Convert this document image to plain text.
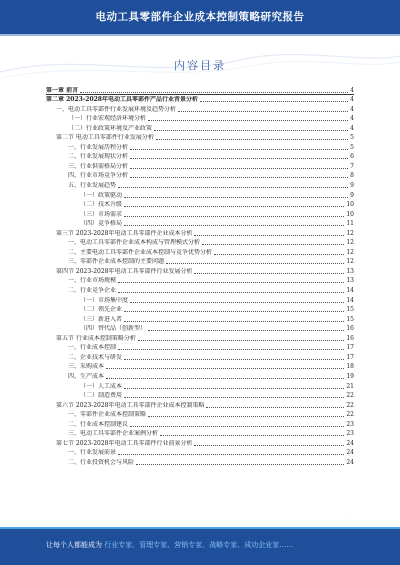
电动工具零部件企业成本控制策略研究报告
内容目录
第一章 前言	4
第二章 2023-2028年电动工具零部件产品行业背景分析	4
一、电动工具零部件行业发展环境及趋势分析	4
（一）行业宏观经济环境分析	4
（二）行业政策环境及产业政策	4
第二节 电动工具零部件行业发展分析	5
一、行业发展历程分析	5
二、行业发展现状分析	6
三、行业供需格局分析	7
四、行业市场竞争分析	8
五、行业发展趋势	9
（一）政策驱动	9
（二）技术升级	10
（三）市场需求	10
（四）竞争格局	11
第三节 2023-2028年电动工具零部件企业成本分析	12
一、电动工具零部件企业成本构成与管理模式分析	12
二、主要电动工具零部件企业成本控制与竞争优势分析	12
三、零部件企业成本控制的主要问题	12
第四节 2023-2028年电动工具零部件行业发展分析	13
一、行业市场规模	13
二、行业竞争企业	14
（一）市场集中度	14
（二）领先企业	15
（三）新进入者	15
（四）替代品（创新型）	16
第五节 行业成本控制策略分析	16
一、行业成本控制	17
二、企业技术与研发	17
三、采购成本	18
四、生产成本	19
（一）人工成本	21
（二）制造费用	22
第六节 2023-2028年电动工具零部件企业成本控制策略	22
一、零部件企业成本控制策略	22
二、行业成本控制建议	23
三、电动工具零部件企业案例分析	23
第七节 2023-2028年电动工具零部件行业前景分析	24
一、行业发展前景	24
二、行业投资机会与风险	24
·
让每个人都能成为 行业专家、管理专家、营销专家、战略专家、成功企业家……
